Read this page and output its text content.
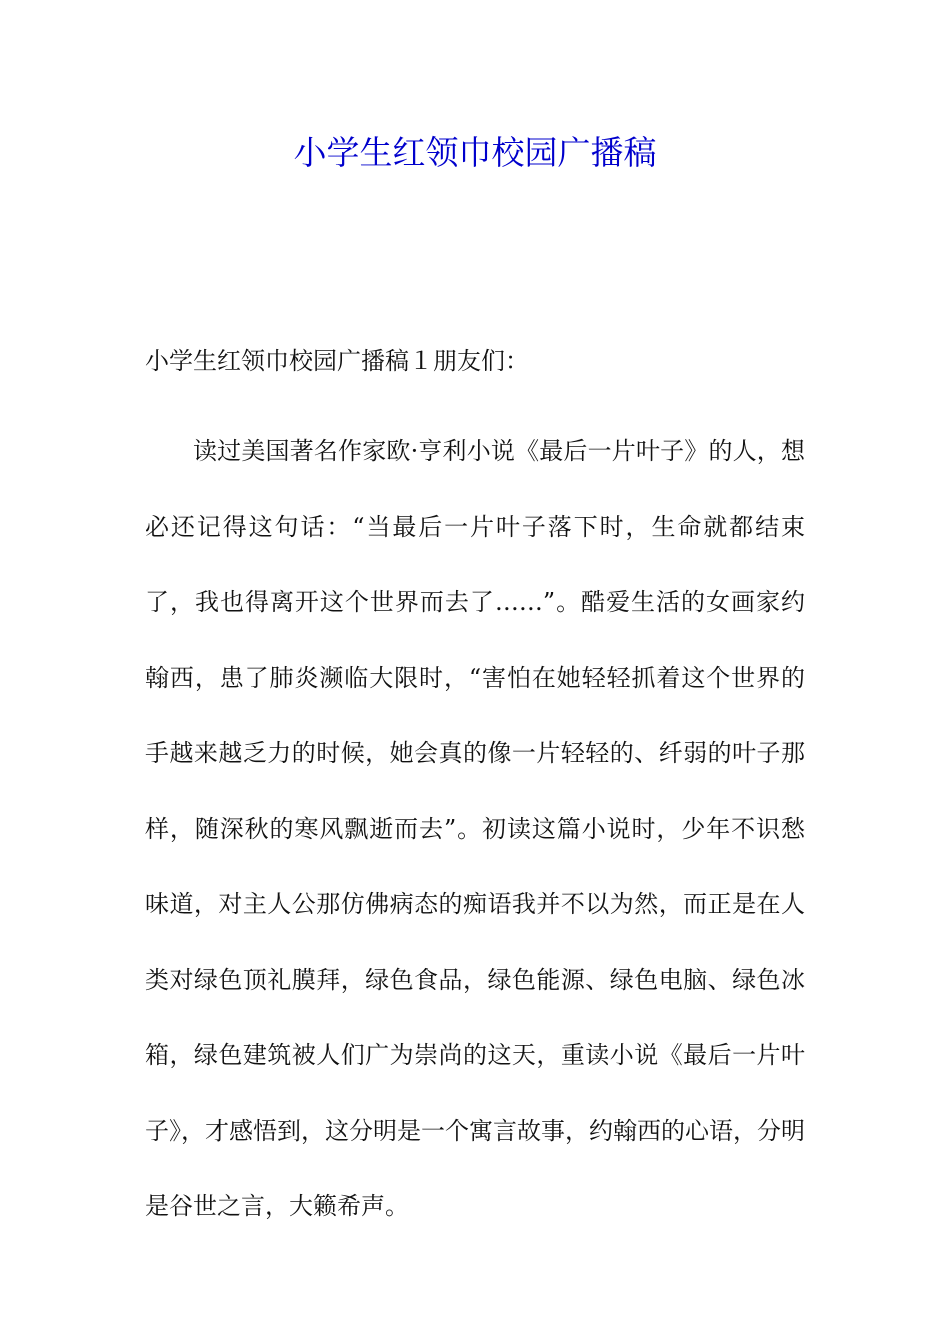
小学生红领巾校园广播稿

小学生红领巾校园广播稿１朋友们：

读过美国著名作家欧·亨利小说《最后一片叶子》的人，想必还记得这句话：“当最后一片叶子落下时，生命就都结束了，我也得离开这个世界而去了……”。酷爱生活的女画家约翰西，患了肺炎濒临大限时，“害怕在她轻轻抓着这个世界的手越来越乏力的时候，她会真的像一片轻轻的、纤弱的叶子那样，随深秋的寒风飘逝而去”。初读这篇小说时，少年不识愁味道，对主人公那仿佛病态的痴语我并不以为然，而正是在人类对绿色顶礼膜拜，绿色食品，绿色能源、绿色电脑、绿色冰箱，绿色建筑被人们广为崇尚的这天，重读小说《最后一片叶子》，才感悟到，这分明是一个寓言故事，约翰西的心语，分明是谷世之言，大籁希声。
